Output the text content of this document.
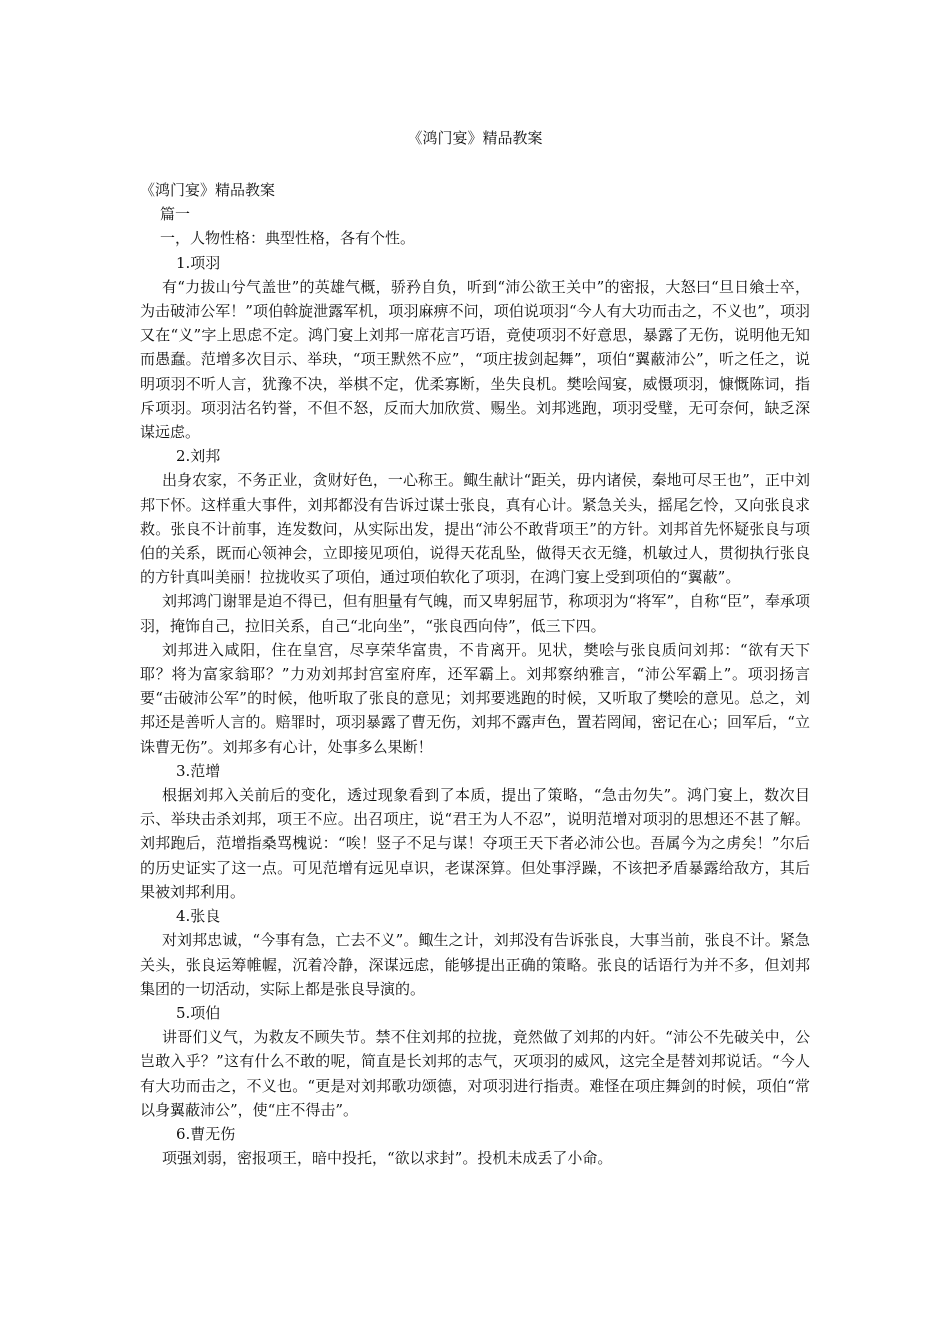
《鸿门宴》精品教案

《鸿门宴》精品教案

篇一

一，人物性格：典型性格，各有个性。

1.项羽

有“力拔山兮气盖世”的英雄气概，骄矜自负，听到“沛公欲王关中”的密报，大怒曰“旦日飨士卒，为击破沛公军！”项伯斡旋泄露军机，项羽麻痹不问，项伯说项羽“今人有大功而击之，不义也”，项羽又在“义”字上思虑不定。鸿门宴上刘邦一席花言巧语，竟使项羽不好意思，暴露了无伤，说明他无知而愚蠢。范增多次目示、举玦，“项王默然不应”，“项庄拔剑起舞”，项伯“翼蔽沛公”，听之任之，说明项羽不听人言，犹豫不决，举棋不定，优柔寡断，坐失良机。樊哙闯宴，威慑项羽，慷慨陈词，指斥项羽。项羽沽名钓誉，不但不怒，反而大加欣赏、赐坐。刘邦逃跑，项羽受璧，无可奈何，缺乏深谋远虑。

2.刘邦

出身农家，不务正业，贪财好色，一心称王。鲰生献计“距关，毋内诸侯，秦地可尽王也”，正中刘邦下怀。这样重大事件，刘邦都没有告诉过谋士张良，真有心计。紧急关头，摇尾乞怜，又向张良求救。张良不计前事，连发数问，从实际出发，提出“沛公不敢背项王”的方针。刘邦首先怀疑张良与项伯的关系，既而心领神会，立即接见项伯，说得天花乱坠，做得天衣无缝，机敏过人，贯彻执行张良的方针真叫美丽！拉拢收买了项伯，通过项伯软化了项羽，在鸿门宴上受到项伯的“翼蔽”。

刘邦鸿门谢罪是迫不得已，但有胆量有气魄，而又卑躬屈节，称项羽为“将军”，自称“臣”，奉承项羽，掩饰自己，拉旧关系，自己“北向坐”，“张良西向侍”，低三下四。

刘邦进入咸阳，住在皇宫，尽享荣华富贵，不肯离开。见状，樊哙与张良质问刘邦：“欲有天下耶？将为富家翁耶？”力劝刘邦封宫室府库，还军霸上。刘邦察纳雅言，“沛公军霸上”。项羽扬言要“击破沛公军”的时候，他听取了张良的意见；刘邦要逃跑的时候，又听取了樊哙的意见。总之，刘邦还是善听人言的。赔罪时，项羽暴露了曹无伤，刘邦不露声色，置若罔闻，密记在心；回军后，“立诛曹无伤”。刘邦多有心计，处事多么果断！

3.范增

根据刘邦入关前后的变化，透过现象看到了本质，提出了策略，“急击勿失”。鸿门宴上，数次目示、举玦击杀刘邦，项王不应。出召项庄，说“君王为人不忍”，说明范增对项羽的思想还不甚了解。刘邦跑后，范增指桑骂槐说：“唉！竖子不足与谋！夺项王天下者必沛公也。吾属今为之虏矣！”尔后的历史证实了这一点。可见范增有远见卓识，老谋深算。但处事浮躁，不该把矛盾暴露给敌方，其后果被刘邦利用。

4.张良

对刘邦忠诚，“今事有急，亡去不义”。鲰生之计，刘邦没有告诉张良，大事当前，张良不计。紧急关头，张良运筹帷幄，沉着冷静，深谋远虑，能够提出正确的策略。张良的话语行为并不多，但刘邦集团的一切活动，实际上都是张良导演的。

5.项伯

讲哥们义气，为救友不顾失节。禁不住刘邦的拉拢，竟然做了刘邦的内奸。“沛公不先破关中，公岂敢入乎？”这有什么不敢的呢，简直是长刘邦的志气，灭项羽的威风，这完全是替刘邦说话。“今人有大功而击之，不义也。“更是对刘邦歌功颂德，对项羽进行指责。难怪在项庄舞剑的时候，项伯“常以身翼蔽沛公”，使“庄不得击”。

6.曹无伤

项强刘弱，密报项王，暗中投托，“欲以求封”。投机未成丢了小命。
